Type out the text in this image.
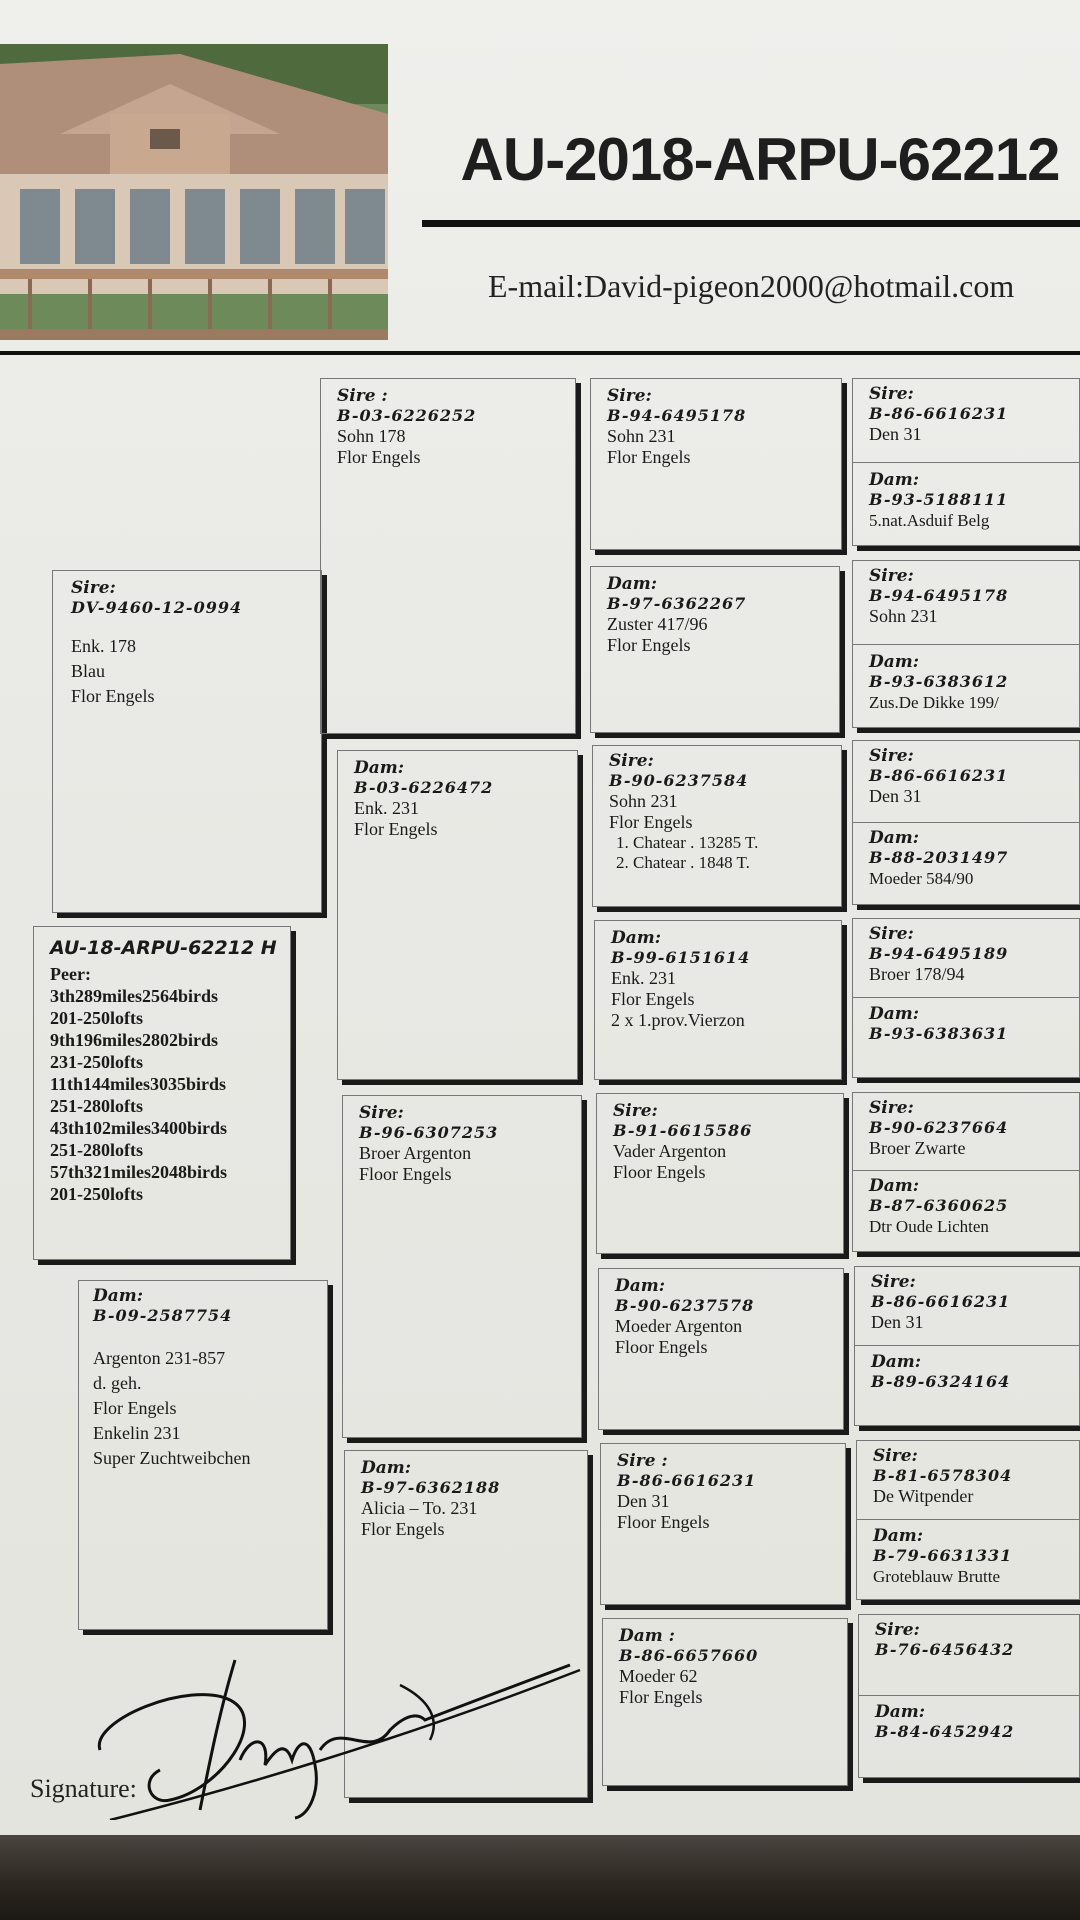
AU-2018-ARPU-62212
E-mail:David-pigeon2000@hotmail.com
AU-18-ARPU-62212 H
Peer:
3th289miles2564birds
201-250lofts
9th196miles2802birds
231-250lofts
11th144miles3035birds
251-280lofts
43th102miles3400birds
251-280lofts
57th321miles2048birds
201-250lofts
Sire:
DV-9460-12-0994
Enk. 178
Blau
Flor Engels
Dam:
B-09-2587754
Argenton 231-857
d. geh.
Flor Engels
Enkelin 231
Super Zuchtweibchen
Sire :
B-03-6226252
Sohn 178
Flor Engels
Dam:
B-03-6226472
Enk. 231
Flor Engels
Sire:
B-96-6307253
Broer Argenton
Floor Engels
Dam:
B-97-6362188
Alicia – To. 231
Flor Engels
Sire:
B-94-6495178
Sohn 231
Flor Engels
Dam:
B-97-6362267
Zuster 417/96
Flor Engels
Sire:
B-90-6237584
Sohn 231
Flor Engels
1. Chatear . 13285 T.
2. Chatear . 1848 T.
Dam:
B-99-6151614
Enk. 231
Flor Engels
2 x 1.prov.Vierzon
Sire:
B-91-6615586
Vader Argenton
Floor Engels
Dam:
B-90-6237578
Moeder Argenton
Floor Engels
Sire :
B-86-6616231
Den 31
Floor Engels
Dam :
B-86-6657660
Moeder 62
Flor Engels
Sire:
B-86-6616231
Den 31
Dam:
B-93-5188111
5.nat.Asduif Belg
Sire:
B-94-6495178
Sohn 231
Dam:
B-93-6383612
Zus.De Dikke 199/
Sire:
B-86-6616231
Den 31
Dam:
B-88-2031497
Moeder 584/90
Sire:
B-94-6495189
Broer 178/94
Dam:
B-93-6383631
Sire:
B-90-6237664
Broer Zwarte
Dam:
B-87-6360625
Dtr Oude Lichten
Sire:
B-86-6616231
Den 31
Dam:
B-89-6324164
Sire:
B-81-6578304
De Witpender
Dam:
B-79-6631331
Groteblauw Brutte
Sire:
B-76-6456432
Dam:
B-84-6452942
Signature:
